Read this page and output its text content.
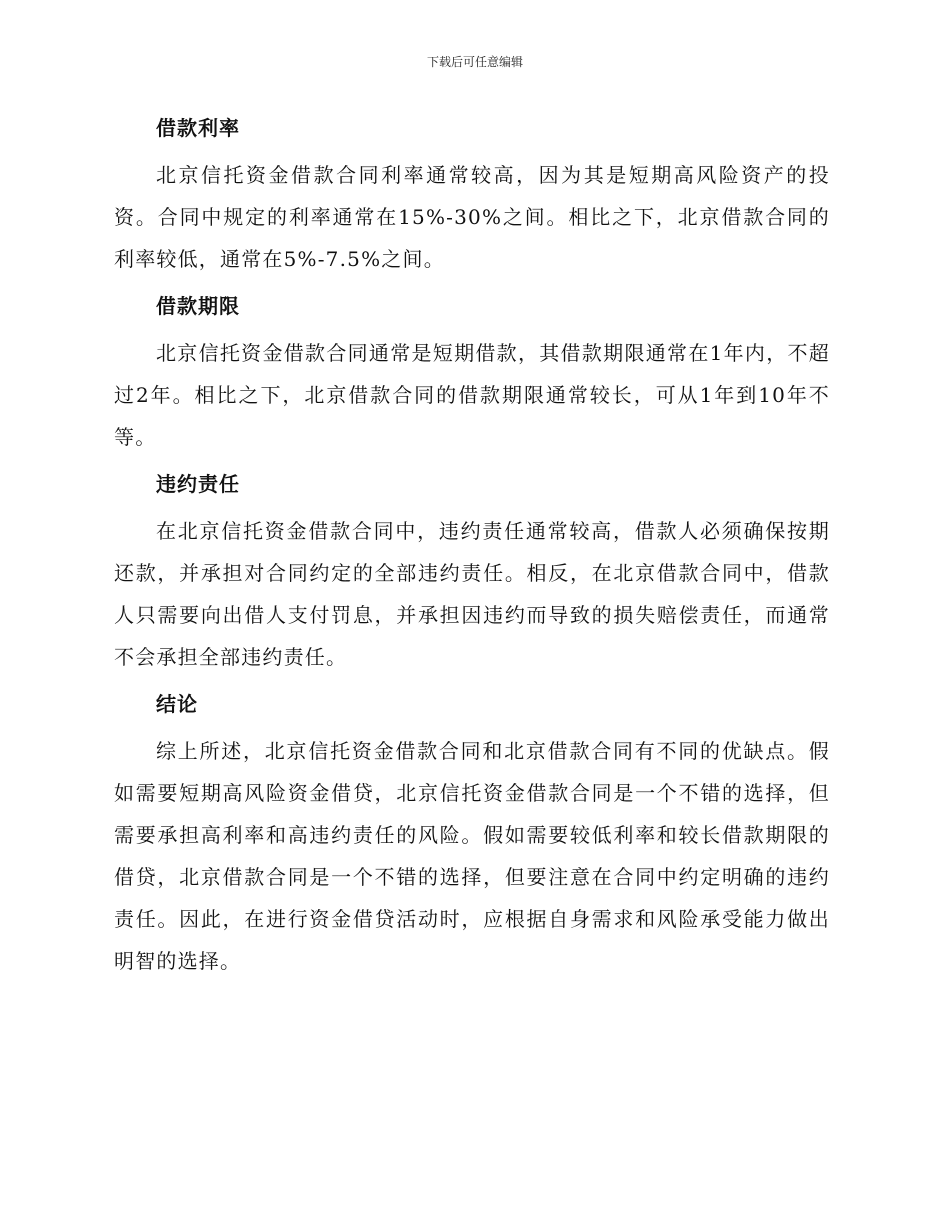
下载后可任意编辑
借款利率

北京信托资金借款合同利率通常较高，因为其是短期高风险资产的投资。合同中规定的利率通常在15%-30%之间。相比之下，北京借款合同的利率较低，通常在5%-7.5%之间。

借款期限

北京信托资金借款合同通常是短期借款，其借款期限通常在1年内，不超过2年。相比之下，北京借款合同的借款期限通常较长，可从1年到10年不等。

违约责任

在北京信托资金借款合同中，违约责任通常较高，借款人必须确保按期还款，并承担对合同约定的全部违约责任。相反，在北京借款合同中，借款人只需要向出借人支付罚息，并承担因违约而导致的损失赔偿责任，而通常不会承担全部违约责任。

结论

综上所述，北京信托资金借款合同和北京借款合同有不同的优缺点。假如需要短期高风险资金借贷，北京信托资金借款合同是一个不错的选择，但需要承担高利率和高违约责任的风险。假如需要较低利率和较长借款期限的借贷，北京借款合同是一个不错的选择，但要注意在合同中约定明确的违约责任。因此，在进行资金借贷活动时，应根据自身需求和风险承受能力做出明智的选择。
